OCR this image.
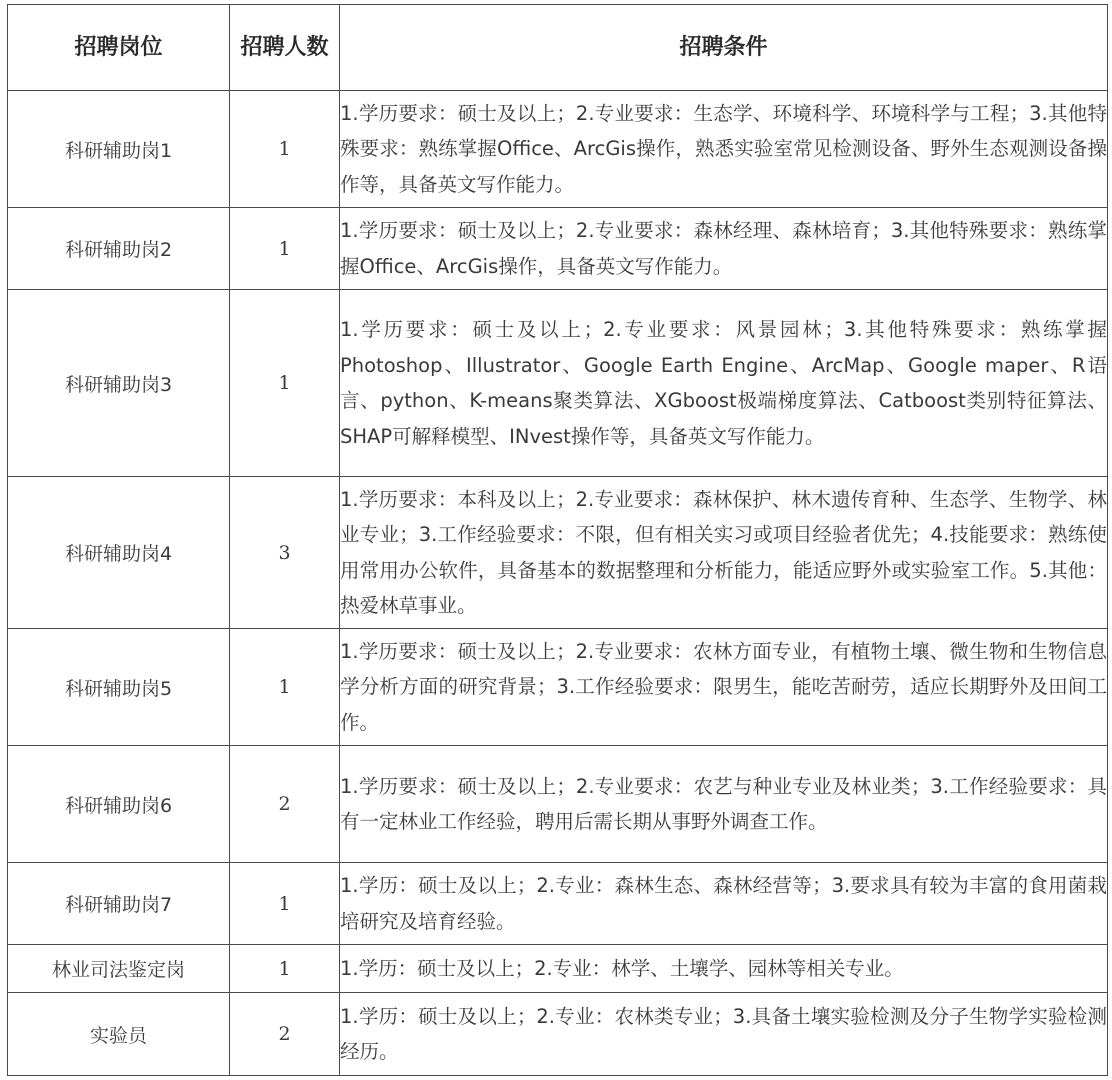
招聘岗位	招聘人数	招聘条件
科研辅助岗1	1	1.学历要求：硕士及以上；2.专业要求：生态学、环境科学、环境科学与工程；3.其他特殊要求：熟练掌握Office、ArcGis操作，熟悉实验室常见检测设备、野外生态观测设备操作等，具备英文写作能力。
科研辅助岗2	1	1.学历要求：硕士及以上；2.专业要求：森林经理、森林培育；3.其他特殊要求：熟练掌握Office、ArcGis操作，具备英文写作能力。
科研辅助岗3	1	1.学历要求：硕士及以上；2.专业要求：风景园林；3.其他特殊要求：熟练掌握Photoshop、Illustrator、Google Earth Engine、ArcMap、Google maper、R语言、python、K-means聚类算法、XGboost极端梯度算法、Catboost类别特征算法、SHAP可解释模型、INvest操作等，具备英文写作能力。
科研辅助岗4	3	1.学历要求：本科及以上；2.专业要求：森林保护、林木遗传育种、生态学、生物学、林业专业；3.工作经验要求：不限，但有相关实习或项目经验者优先；4.技能要求：熟练使用常用办公软件，具备基本的数据整理和分析能力，能适应野外或实验室工作。5.其他：热爱林草事业。
科研辅助岗5	1	1.学历要求：硕士及以上；2.专业要求：农林方面专业，有植物土壤、微生物和生物信息学分析方面的研究背景；3.工作经验要求：限男生，能吃苦耐劳，适应长期野外及田间工作。
科研辅助岗6	2	1.学历要求：硕士及以上；2.专业要求：农艺与种业专业及林业类；3.工作经验要求：具有一定林业工作经验，聘用后需长期从事野外调查工作。
科研辅助岗7	1	1.学历：硕士及以上；2.专业：森林生态、森林经营等；3.要求具有较为丰富的食用菌栽培研究及培育经验。
林业司法鉴定岗	1	1.学历：硕士及以上；2.专业：林学、土壤学、园林等相关专业。
实验员	2	1.学历：硕士及以上；2.专业：农林类专业；3.具备土壤实验检测及分子生物学实验检测经历。
